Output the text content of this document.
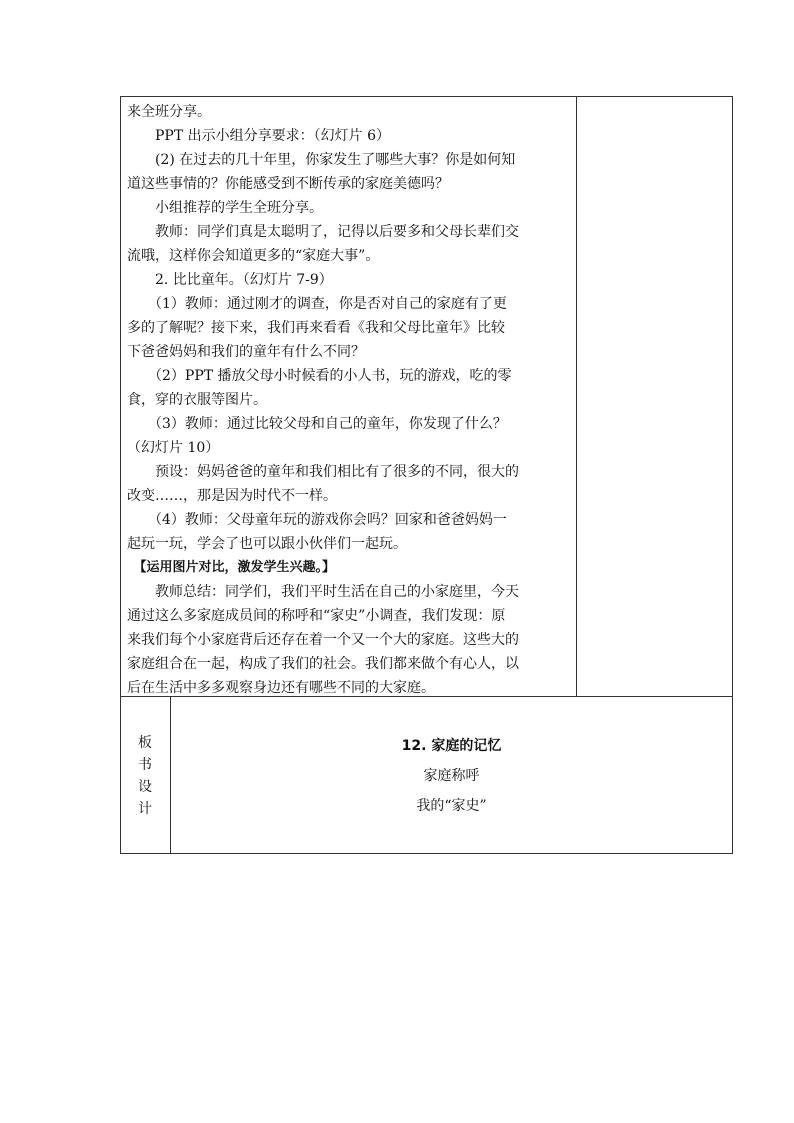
来全班分享。

　　PPT 出示小组分享要求：（幻灯片 6）

　　(2) 在过去的几十年里，你家发生了哪些大事？你是如何知

道这些事情的？你能感受到不断传承的家庭美德吗？

　　小组推荐的学生全班分享。

　　教师：同学们真是太聪明了，记得以后要多和父母长辈们交

流哦，这样你会知道更多的“家庭大事”。

　　2. 比比童年。（幻灯片 7-9）

　　（1）教师：通过刚才的调查，你是否对自己的家庭有了更

多的了解呢？接下来，我们再来看看《我和父母比童年》比较

下爸爸妈妈和我们的童年有什么不同？

　　（2）PPT 播放父母小时候看的小人书，玩的游戏，吃的零

食，穿的衣服等图片。

　　（3）教师：通过比较父母和自己的童年，你发现了什么？

（幻灯片 10）

　　预设：妈妈爸爸的童年和我们相比有了很多的不同，很大的

改变……，那是因为时代不一样。

　　（4）教师：父母童年玩的游戏你会吗？回家和爸爸妈妈一

起玩一玩，学会了也可以跟小伙伴们一起玩。

　【运用图片对比，激发学生兴趣。】

　　教师总结：同学们，我们平时生活在自己的小家庭里，今天

通过这么多家庭成员间的称呼和“家史”小调查，我们发现：原

来我们每个小家庭背后还存在着一个又一个大的家庭。这些大的

家庭组合在一起，构成了我们的社会。我们都来做个有心人，以

后在生活中多多观察身边还有哪些不同的大家庭。

板
书
设
计
12. 家庭的记忆
家庭称呼
我的“家史”
